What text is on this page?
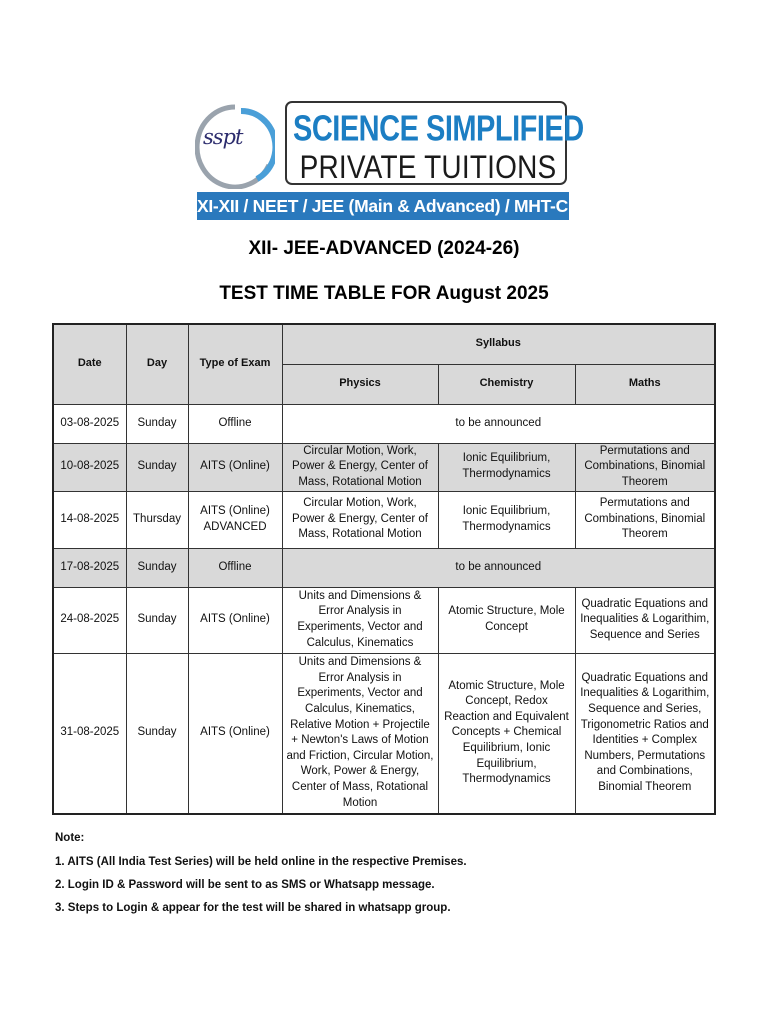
sspt SCIENCE SIMPLIFIED
PRIVATE TUITIONS
XI-XII / NEET / JEE (Main & Advanced) / MHT-CET
XII- JEE-ADVANCED (2024-26)
TEST TIME TABLE FOR August 2025
Date	Day	Type of Exam	Syllabus		
			Physics	Chemistry	Maths
03-08-2025	Sunday	Offline	to be announced		
10-08-2025	Sunday	AITS (Online)	Circular Motion, Work, Power & Energy, Center of Mass, Rotational Motion	Ionic Equilibrium, Thermodynamics	Permutations and Combinations, Binomial Theorem
14-08-2025	Thursday	AITS (Online) ADVANCED	Circular Motion, Work, Power & Energy, Center of Mass, Rotational Motion	Ionic Equilibrium, Thermodynamics	Permutations and Combinations, Binomial Theorem
17-08-2025	Sunday	Offline	to be announced		
24-08-2025	Sunday	AITS (Online)	Units and Dimensions & Error Analysis in Experiments, Vector and Calculus, Kinematics	Atomic Structure, Mole Concept	Quadratic Equations and Inequalities & Logarithim, Sequence and Series
31-08-2025	Sunday	AITS (Online)	Units and Dimensions & Error Analysis in Experiments, Vector and Calculus, Kinematics, Relative Motion + Projectile + Newton's Laws of Motion and Friction, Circular Motion, Work, Power & Energy, Center of Mass, Rotational Motion	Atomic Structure, Mole Concept, Redox Reaction and Equivalent Concepts + Chemical Equilibrium, Ionic Equilibrium, Thermodynamics	Quadratic Equations and Inequalities & Logarithim, Sequence and Series, Trigonometric Ratios and Identities + Complex Numbers, Permutations and Combinations, Binomial Theorem
Note:
1. AITS (All India Test Series) will be held online in the respective Premises.
2. Login ID & Password will be sent to as SMS or Whatsapp message.
3. Steps to Login & appear for the test will be shared in whatsapp group.
